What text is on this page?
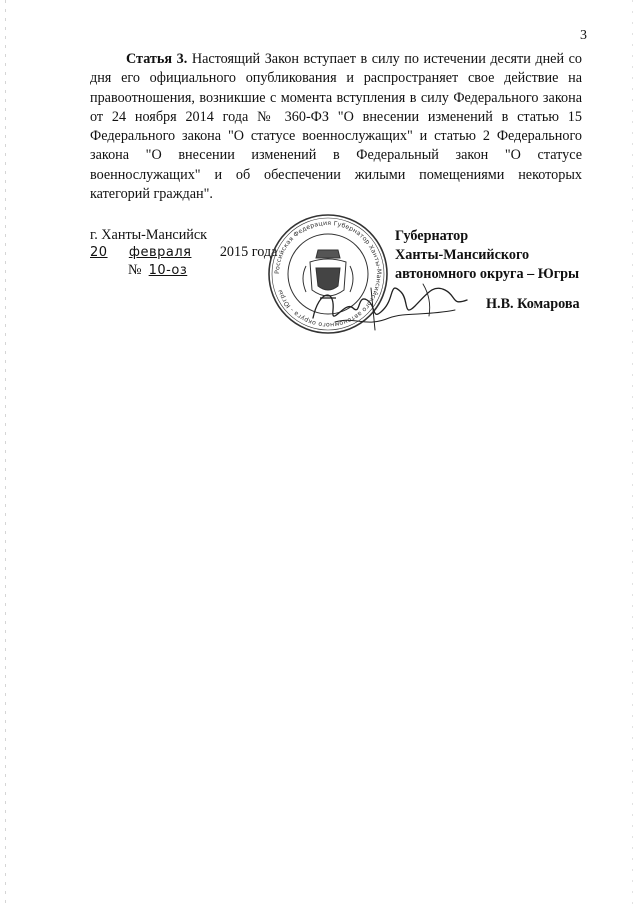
3

Статья 3. Настоящий Закон вступает в силу по истечении десяти дней со дня его официального опубликования и распространяет свое действие на правоотношения, возникшие с момента вступления в силу Федерального закона от 24 ноября 2014 года № 360-ФЗ "О внесении изменений в статью 15 Федерального закона "О статусе военнослужащих" и статью 2 Федерального закона "О внесении изменений в Федеральный закон "О статусе военнослужащих" и об обеспечении жилыми помещениями некоторых категорий граждан".

г. Ханты-Мансийск
20 февраля 2015 года
№ 10-оз	Российская Федерация Губернатор Ханты-Мансийского автономного округа - Югры
Губернатор
Ханты-Мансийского
автономного округа – Югры
Н.В. Комарова
